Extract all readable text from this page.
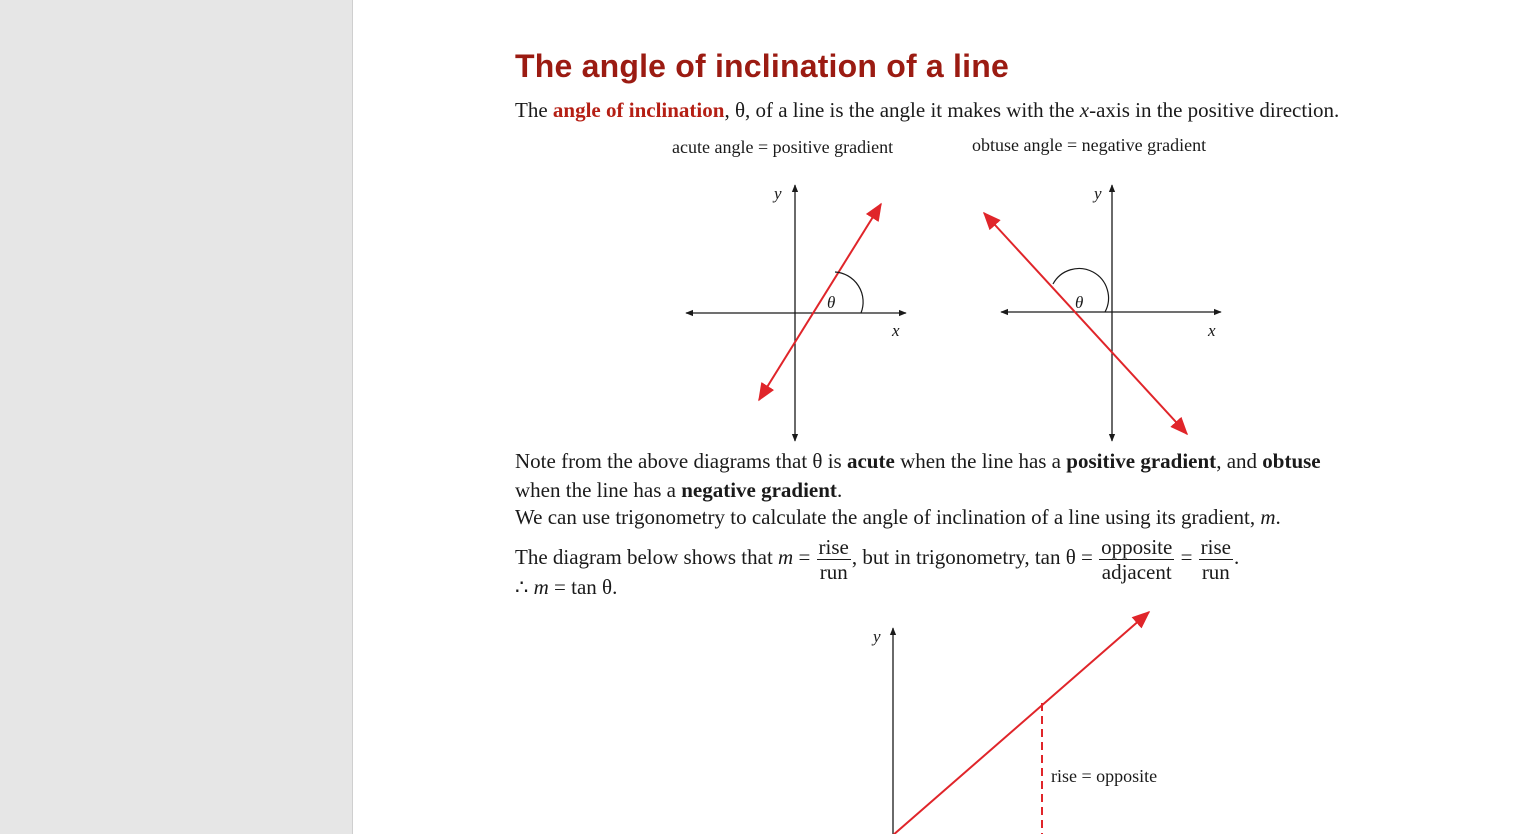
The angle of inclination of a line
The angle of inclination, θ, of a line is the angle it makes with the x-axis in the positive direction.
acute angle = positive gradient	obtuse angle = negative gradient
y
x
θ
y
x
θ
Note from the above diagrams that θ is acute when the line has a positive gradient, and obtuse
when the line has a negative gradient.
We can use trigonometry to calculate the angle of inclination of a line using its gradient, m.
The diagram below shows that $m = \frac{\text{rise}}{\text{run}}$ , but in trigonometry, $\tan \theta = \frac{\text{opposite}}{\text{adjacent}} = \frac{\text{rise}}{\text{run}}$ .
∴ m = tan θ.
y
rise = opposite
